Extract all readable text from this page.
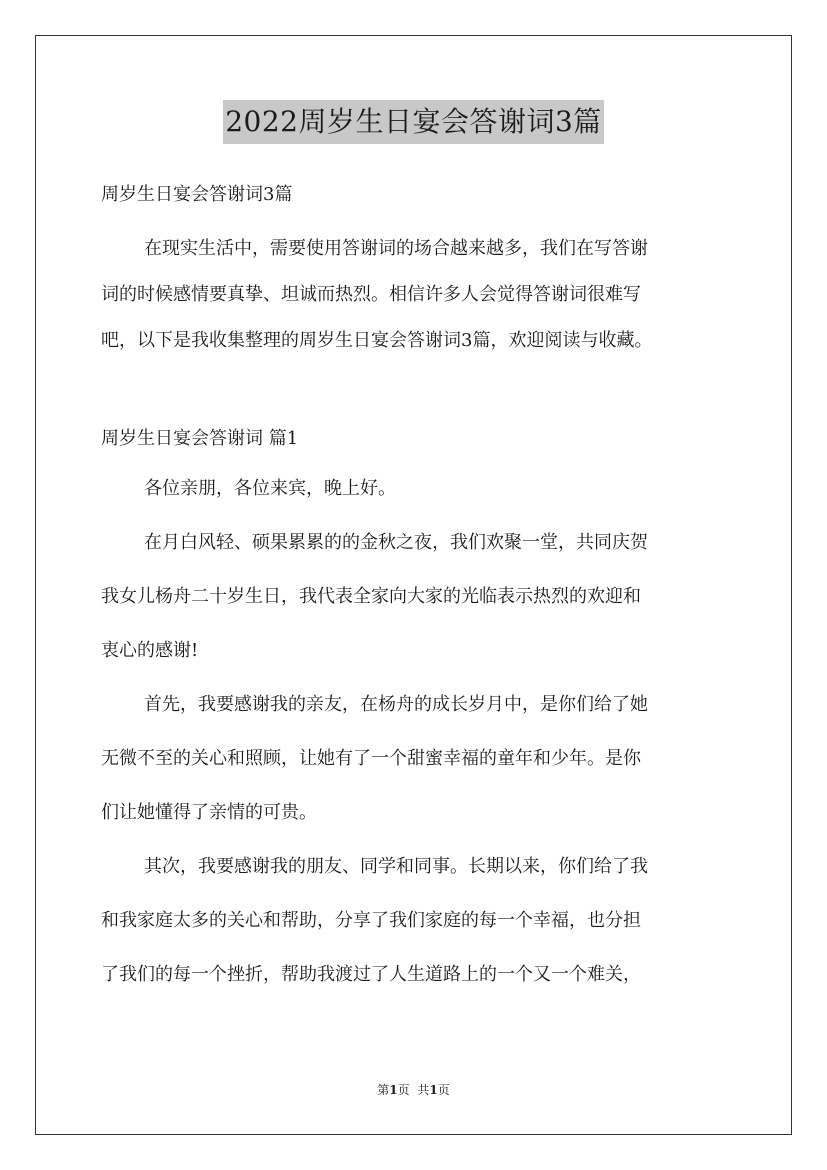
2022周岁生日宴会答谢词3篇
周岁生日宴会答谢词3篇
在现实生活中，需要使用答谢词的场合越来越多，我们在写答谢
词的时候感情要真挚、坦诚而热烈。相信许多人会觉得答谢词很难写
吧，以下是我收集整理的周岁生日宴会答谢词3篇，欢迎阅读与收藏。
周岁生日宴会答谢词 篇1
各位亲朋，各位来宾，晚上好。
在月白风轻、硕果累累的的金秋之夜，我们欢聚一堂，共同庆贺
我女儿杨舟二十岁生日，我代表全家向大家的光临表示热烈的欢迎和
衷心的感谢!
首先，我要感谢我的亲友，在杨舟的成长岁月中，是你们给了她
无微不至的关心和照顾，让她有了一个甜蜜幸福的童年和少年。是你
们让她懂得了亲情的可贵。
其次，我要感谢我的朋友、同学和同事。长期以来，你们给了我
和我家庭太多的关心和帮助，分享了我们家庭的每一个幸福，也分担
了我们的每一个挫折，帮助我渡过了人生道路上的一个又一个难关，
第1页 共1页
